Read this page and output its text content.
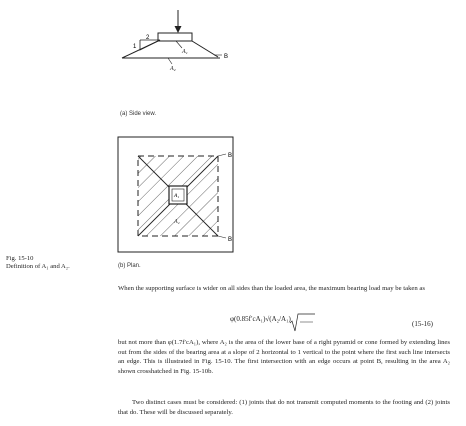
2
1
A₁
A₂
B
A₁
A₂
B
B
(a) Side view.
(b) Plan.
Fig. 15-10
Definition of A₁ and A₂.
When the supporting surface is wider on all sides than the loaded area, the maximum bearing load may be taken as
φ(0.85f′cA₁)√(A₂/A₁)
(15-16)
but not more than φ(1.7f′cA₁), where A₂ is the area of the lower base of a right pyramid or cone formed by extending lines out from the sides of the bearing area at a slope of 2 horizontal to 1 vertical to the point where the first such line intersects an edge. This is illustrated in Fig. 15-10. The first intersection with an edge occurs at point B, resulting in the area A₂ shown crosshatched in Fig. 15-10b.
Two distinct cases must be considered: (1) joints that do not transmit computed moments to the footing and (2) joints that do. These will be discussed separately.
